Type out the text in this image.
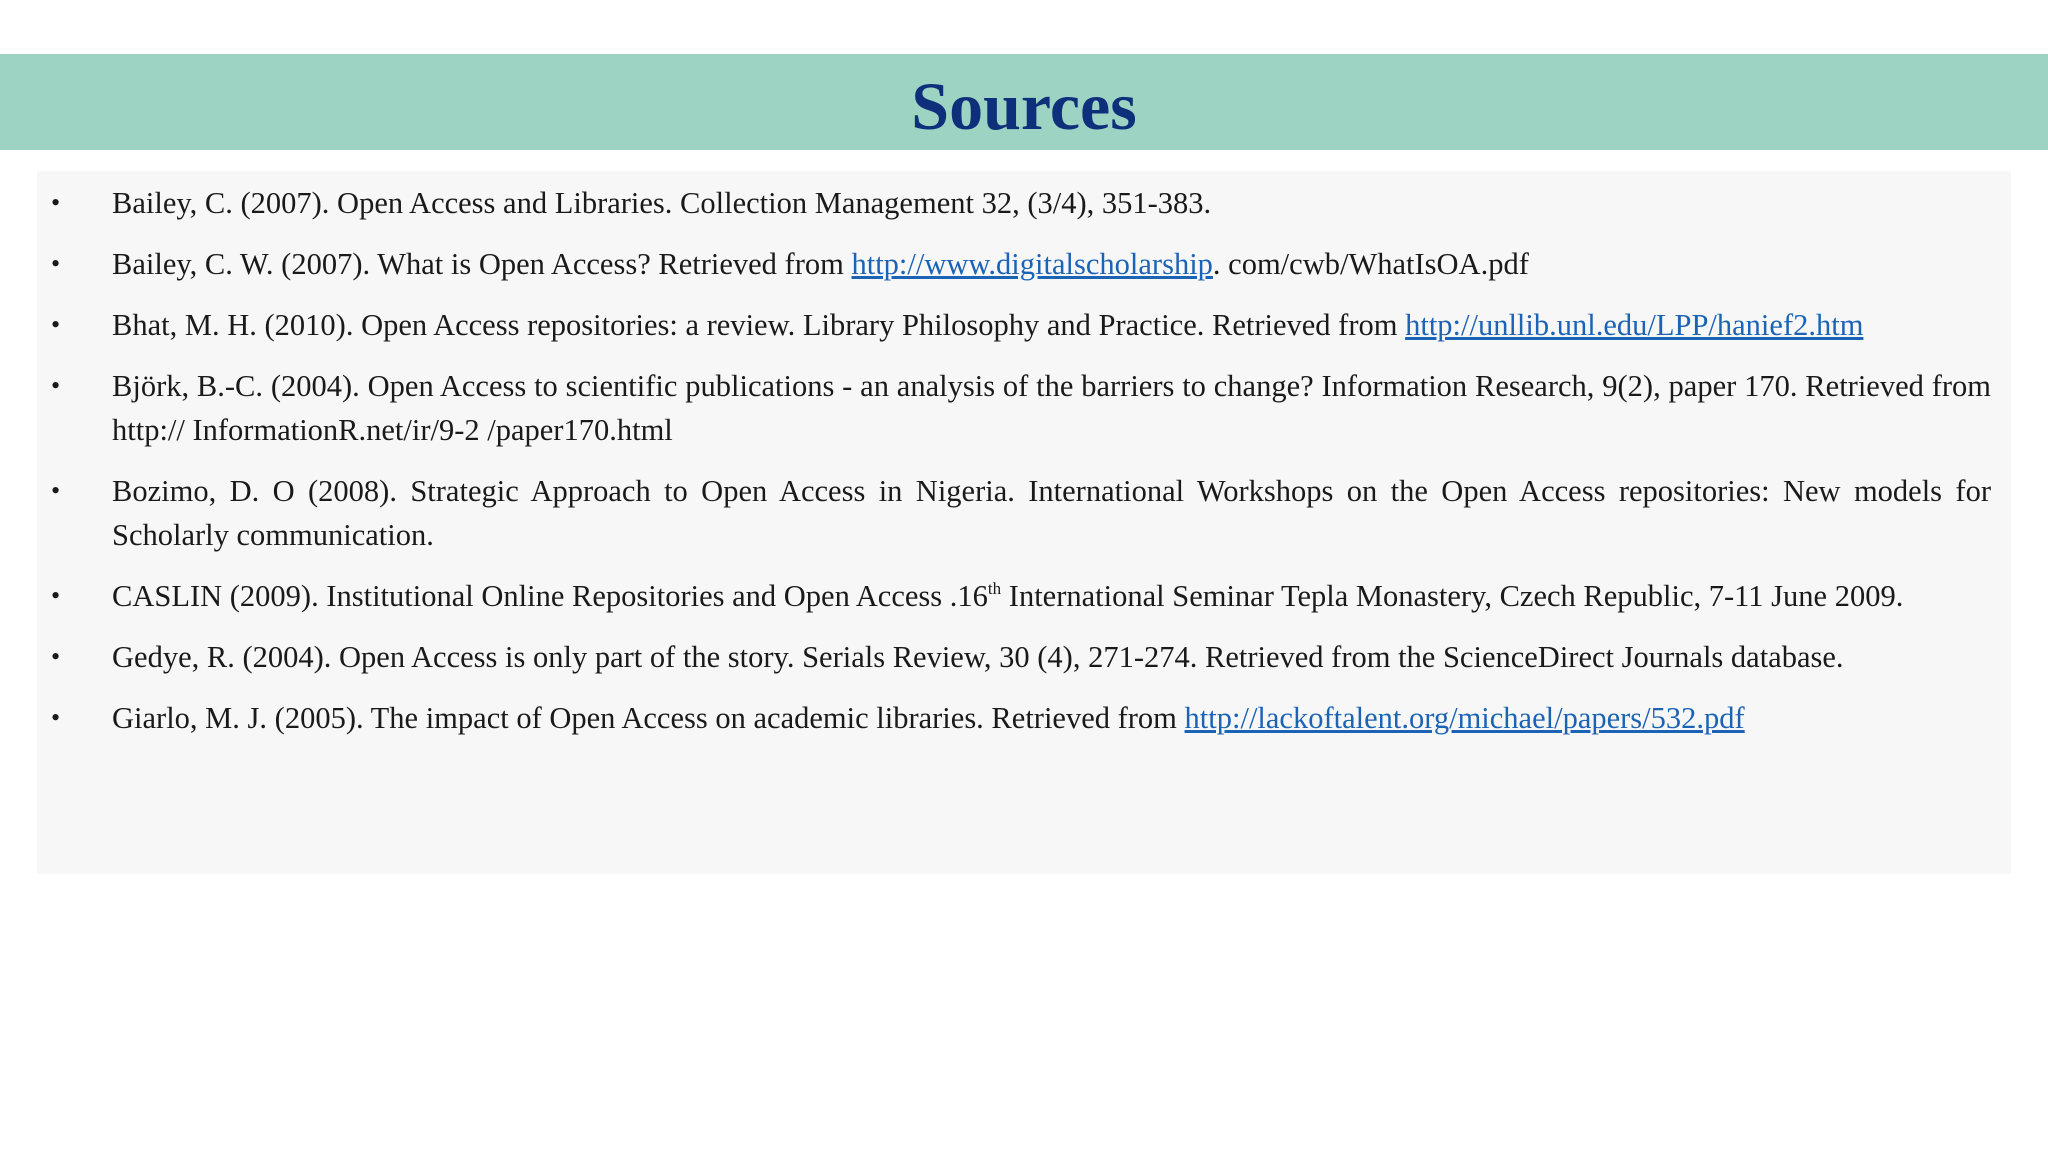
Sources
• Bailey, C. (2007). Open Access and Libraries. Collection Management 32, (3/4), 351-383.
• Bailey, C. W. (2007). What is Open Access? Retrieved from http://www.digitalscholarship. com/cwb/WhatIsOA.pdf
• Bhat, M. H. (2010). Open Access repositories: a review. Library Philosophy and Practice. Retrieved from http://unllib.unl.edu/LPP/hanief2.htm
• Björk, B.-C. (2004). Open Access to scientific publications - an analysis of the barriers to change? Information Research, 9(2), paper 170. Retrieved from http:// InformationR.net/ir/9-2 /paper170.html
• Bozimo, D. O (2008). Strategic Approach to Open Access in Nigeria. International Workshops on the Open Access repositories: New models for Scholarly communication.
• CASLIN (2009). Institutional Online Repositories and Open Access .16th International Seminar Tepla Monastery, Czech Republic, 7-11 June 2009.
• Gedye, R. (2004). Open Access is only part of the story. Serials Review, 30 (4), 271-274. Retrieved from the ScienceDirect Journals database.
• Giarlo, M. J. (2005). The impact of Open Access on academic libraries. Retrieved from http://lackoftalent.org/michael/papers/532.pdf
